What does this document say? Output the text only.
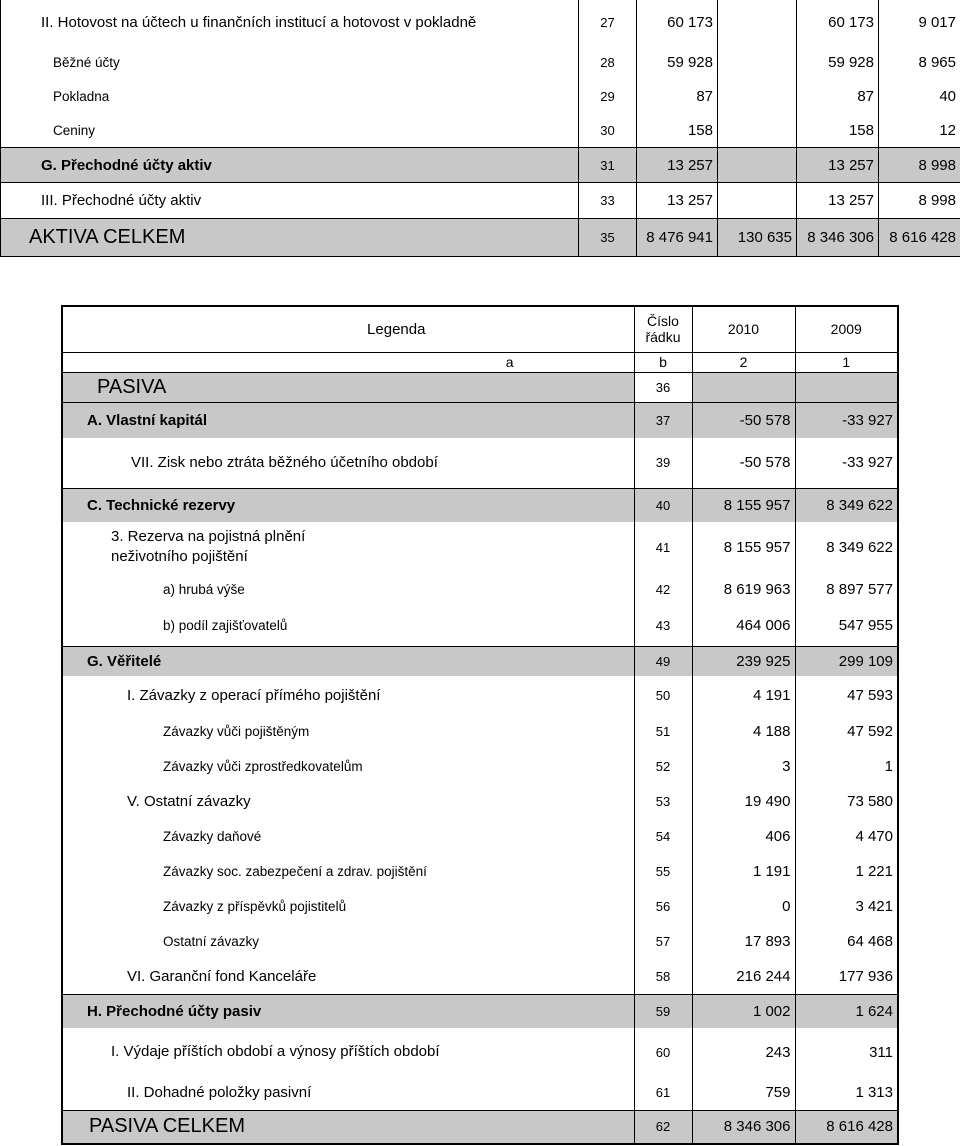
II. Hotovost na účtech u finančních institucí a hotovost v pokladně	27	60 173		60 173	9 017
Běžné účty	28	59 928		59 928	8 965
Pokladna	29	87		87	40
Ceniny	30	158		158	12
G. Přechodné účty aktiv	31	13 257		13 257	8 998
III. Přechodné účty aktiv	33	13 257		13 257	8 998
AKTIVA CELKEM	35	8 476 941	130 635	8 346 306	8 616 428
Legenda	Číslo řádku	2010	2009
a	b	2	1
PASIVA	36		
A. Vlastní kapitál	37	-50 578	-33 927
VII. Zisk nebo ztráta běžného účetního období	39	-50 578	-33 927
C. Technické rezervy	40	8 155 957	8 349 622
3. Rezerva na pojistná plnění neživotního pojištění	41	8 155 957	8 349 622
a) hrubá výše	42	8 619 963	8 897 577
b) podíl zajišťovatelů	43	464 006	547 955
G. Věřitelé	49	239 925	299 109
I. Závazky z operací přímého pojištění	50	4 191	47 593
Závazky vůči pojištěným	51	4 188	47 592
Závazky vůči zprostředkovatelům	52	3	1
V. Ostatní závazky	53	19 490	73 580
Závazky daňové	54	406	4 470
Závazky soc. zabezpečení a zdrav. pojištění	55	1 191	1 221
Závazky z příspěvků pojistitelů	56	0	3 421
Ostatní závazky	57	17 893	64 468
VI. Garanční fond Kanceláře	58	216 244	177 936
H. Přechodné účty pasiv	59	1 002	1 624
I. Výdaje příštích období a výnosy příštích období	60	243	311
II. Dohadné položky pasivní	61	759	1 313
PASIVA CELKEM	62	8 346 306	8 616 428
